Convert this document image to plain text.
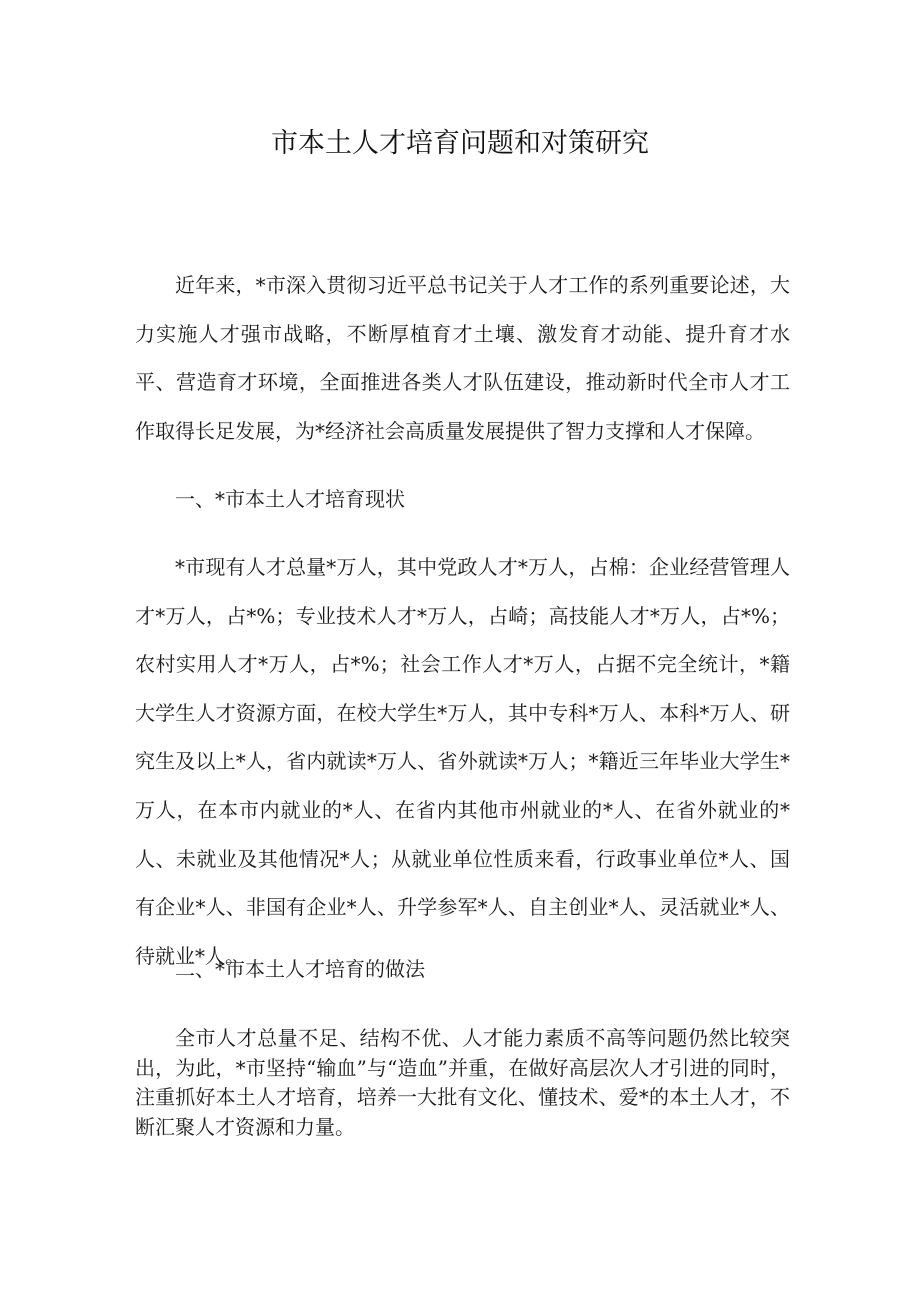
市本土人才培育问题和对策研究

近年来，*市深入贯彻习近平总书记关于人才工作的系列重要论述，大力实施人才强市战略，不断厚植育才土壤、激发育才动能、提升育才水平、营造育才环境，全面推进各类人才队伍建设，推动新时代全市人才工作取得长足发展，为*经济社会高质量发展提供了智力支撑和人才保障。

一、*市本土人才培育现状

*市现有人才总量*万人，其中党政人才*万人，占棉：企业经营管理人才*万人，占*%；专业技术人才*万人，占崎；高技能人才*万人，占*%；农村实用人才*万人，占*%；社会工作人才*万人，占据不完全统计，*籍大学生人才资源方面，在校大学生*万人，其中专科*万人、本科*万人、研究生及以上*人，省内就读*万人、省外就读*万人；*籍近三年毕业大学生*万人，在本市内就业的*人、在省内其他市州就业的*人、在省外就业的*人、未就业及其他情况*人；从就业单位性质来看，行政事业单位*人、国有企业*人、非国有企业*人、升学参军*人、自主创业*人、灵活就业*人、待就业*人。

二、*市本土人才培育的做法

全市人才总量不足、结构不优、人才能力素质不高等问题仍然比较突出，为此，*市坚持“输血”与“造血”并重，在做好高层次人才引进的同时，注重抓好本土人才培育，培养一大批有文化、懂技术、爱*的本土人才，不断汇聚人才资源和力量。
